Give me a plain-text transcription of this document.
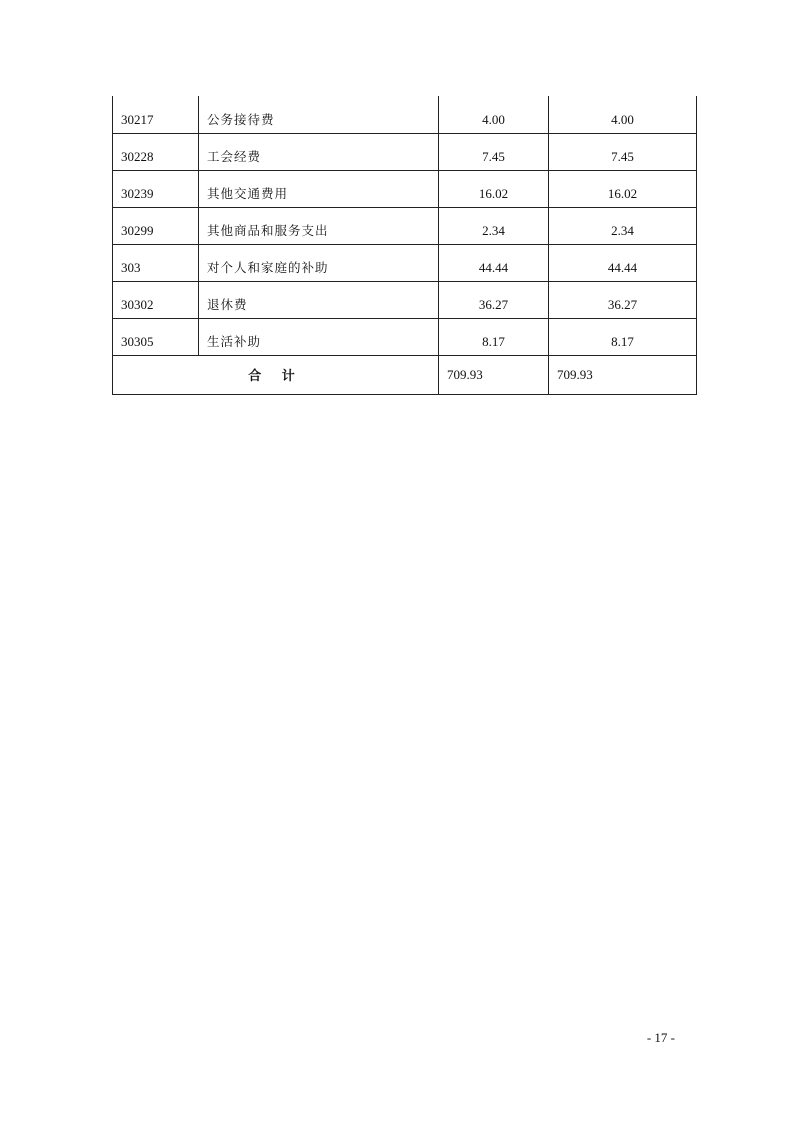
30217	公务接待费	4.00	4.00
30228	工会经费	7.45	7.45
30239	其他交通费用	16.02	16.02
30299	其他商品和服务支出	2.34	2.34
303	对个人和家庭的补助	44.44	44.44
30302	退休费	36.27	36.27
30305	生活补助	8.17	8.17
合 计		709.93	709.93
- 17 -
